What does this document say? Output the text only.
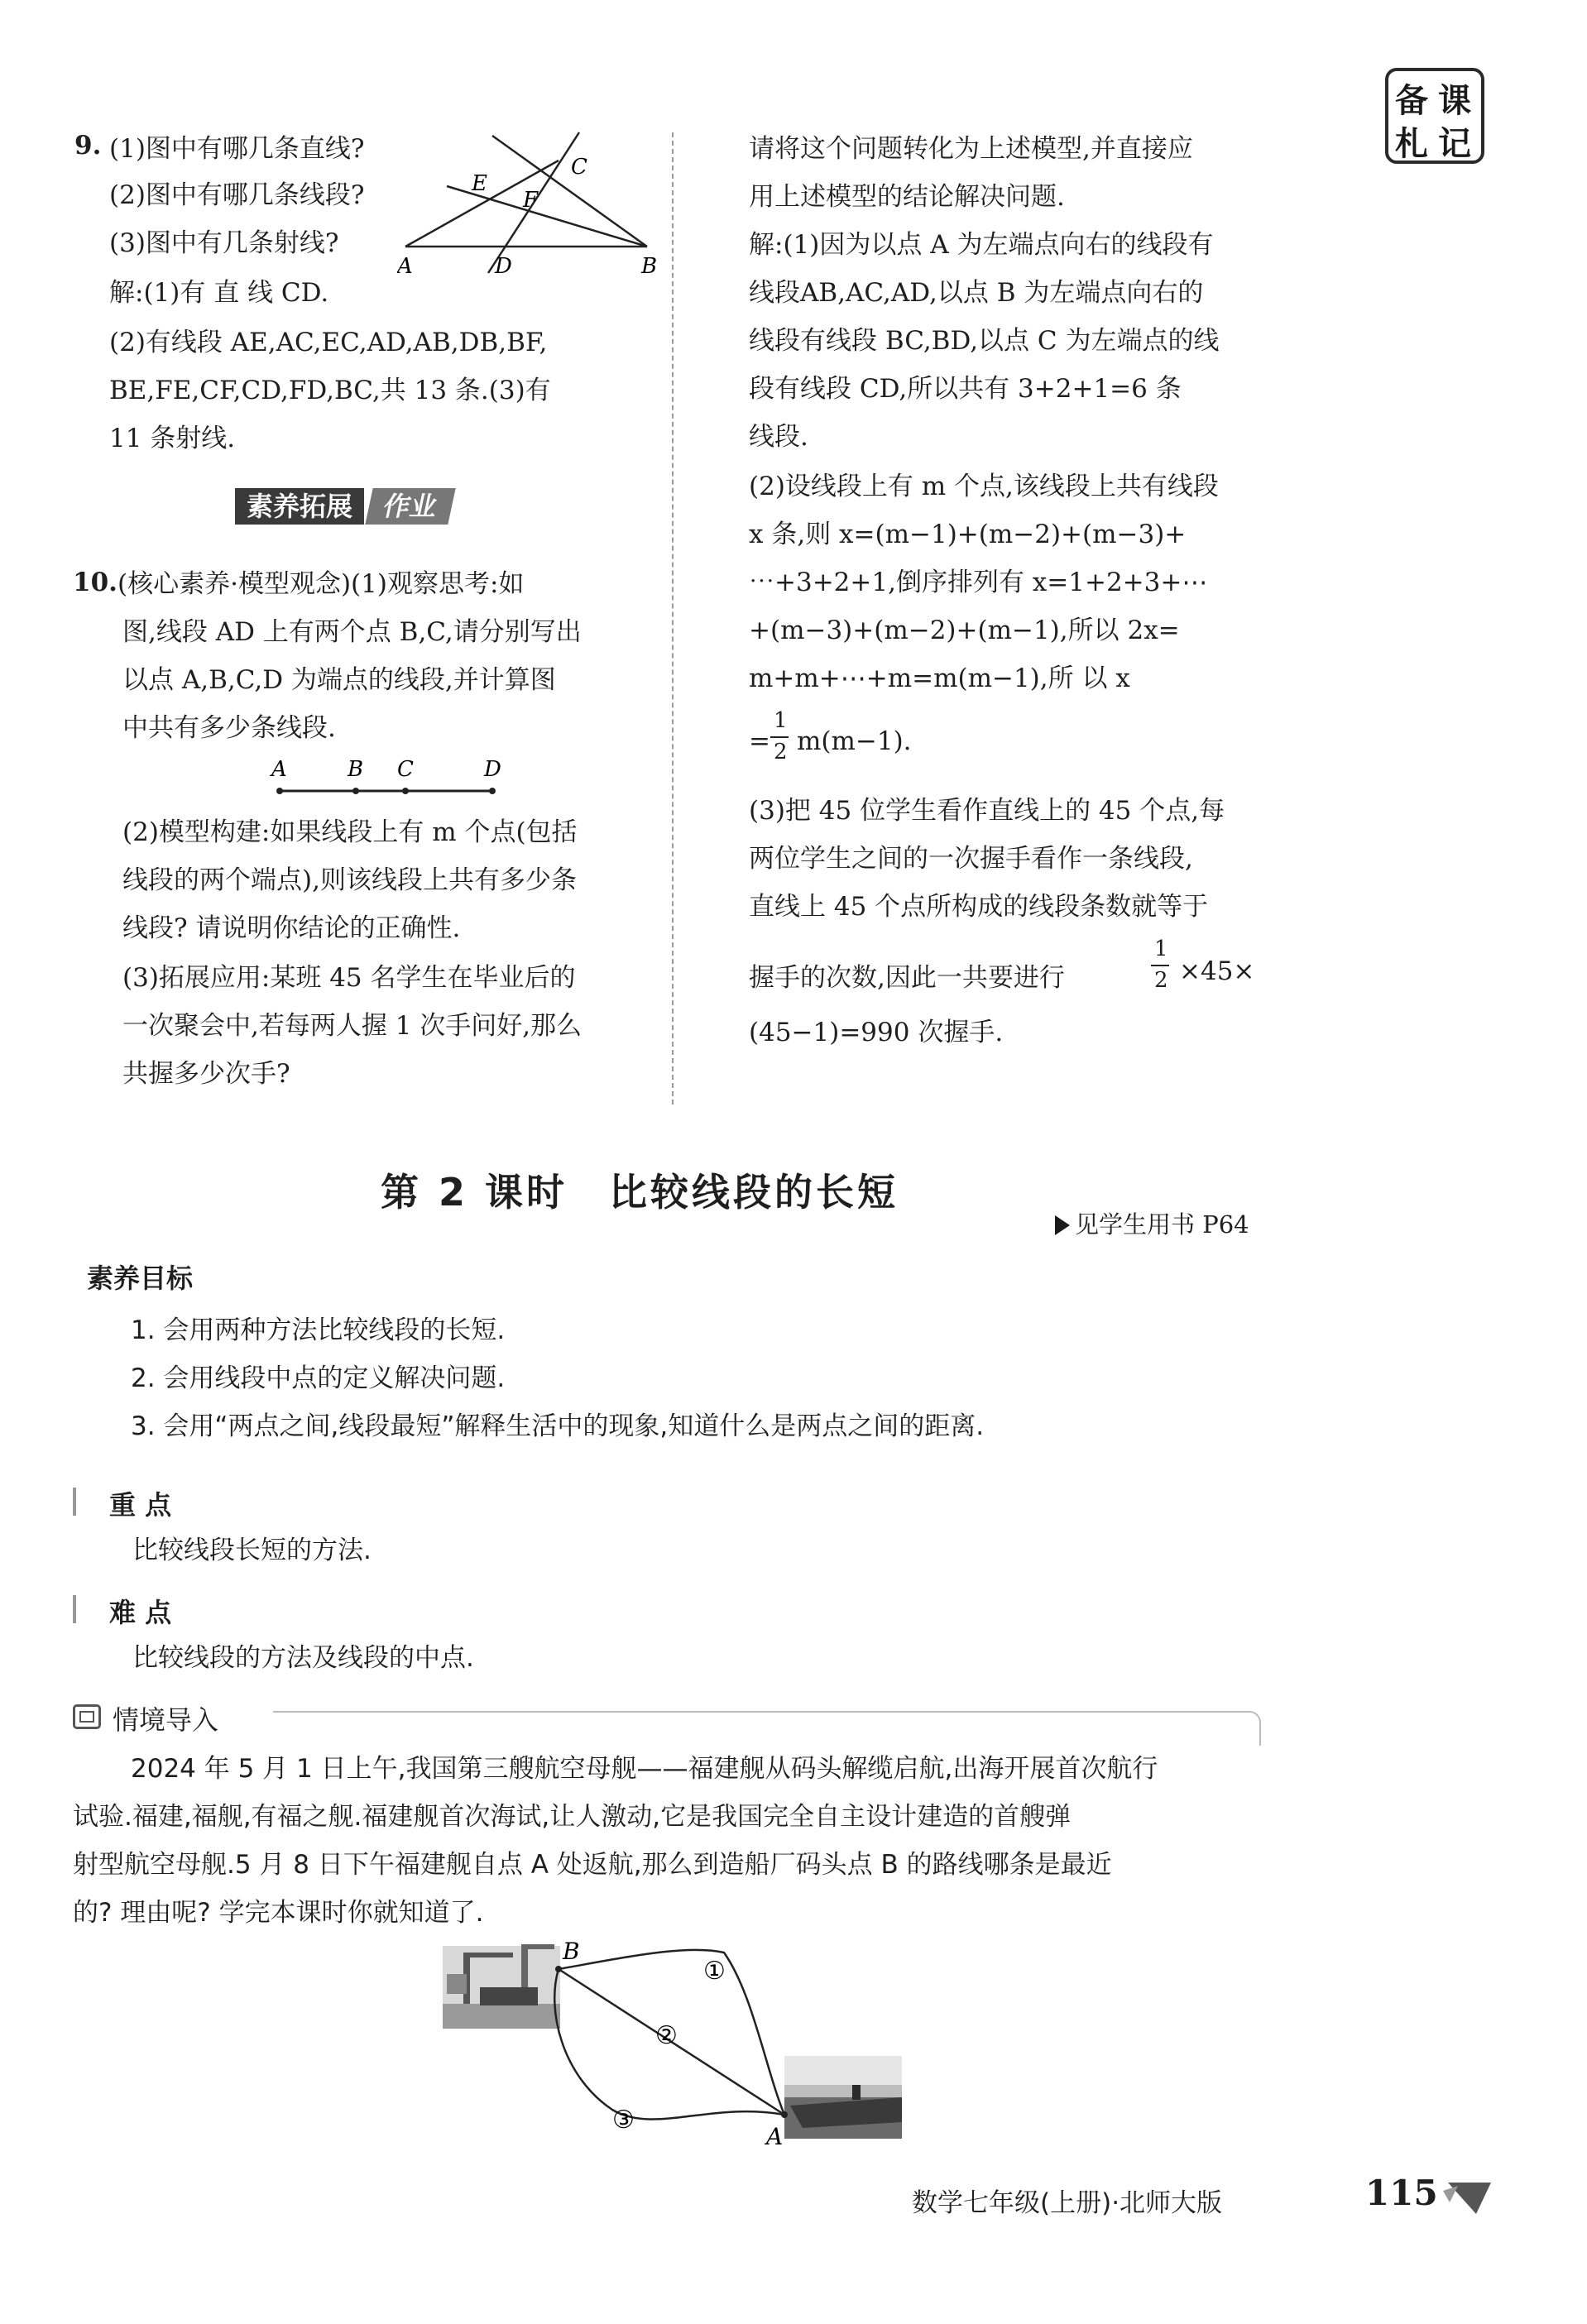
备 课
札 记
9. (1)图中有哪几条直线?
(2)图中有哪几条线段?
(3)图中有几条射线?
解:(1)有 直 线 CD.
(2)有线段 AE,AC,EC,AD,AB,DB,BF,
BE,FE,CF,CD,FD,BC,共 13 条.(3)有
11 条射线.
A	B
C
D
E
F
素养拓展	作业
10. (核心素养·模型观念)(1)观察思考:如
图,线段 AD 上有两个点 B,C,请分别写出
以点 A,B,C,D 为端点的线段,并计算图
中共有多少条线段.
A	B C	D
(2)模型构建:如果线段上有 m 个点(包括
线段的两个端点),则该线段上共有多少条
线段? 请说明你结论的正确性.
(3)拓展应用:某班 45 名学生在毕业后的
一次聚会中,若每两人握 1 次手问好,那么
共握多少次手?
请将这个问题转化为上述模型,并直接应
用上述模型的结论解决问题.
解:(1)因为以点 A 为左端点向右的线段有
线段AB,AC,AD,以点 B 为左端点向右的
线段有线段 BC,BD,以点 C 为左端点的线
段有线段 CD,所以共有 3+2+1=6 条
线段.
(2)设线段上有 m 个点,该线段上共有线段
x 条,则 x=(m−1)+(m−2)+(m−3)+
⋯+3+2+1,倒序排列有 x=1+2+3+⋯
+(m−3)+(m−2)+(m−1),所以 2x=
m+m+⋯+m=m(m−1),所 以 x
=
1
2 m(m−1).
(3)把 45 位学生看作直线上的 45 个点,每
两位学生之间的一次握手看作一条线段,
直线上 45 个点所构成的线段条数就等于
握手的次数,因此一共要进行
1
2 ×45×
(45−1)=990 次握手.
第 2 课时　比较线段的长短
见学生用书 P64
素养目标
1. 会用两种方法比较线段的长短.
2. 会用线段中点的定义解决问题.
3. 会用“两点之间,线段最短”解释生活中的现象,知道什么是两点之间的距离.
重 点
比较线段长短的方法.
难 点
比较线段的方法及线段的中点.
情境导入
2024 年 5 月 1 日上午,我国第三艘航空母舰——福建舰从码头解缆启航,出海开展首次航行
试验.福建,福舰,有福之舰.福建舰首次海试,让人激动,它是我国完全自主设计建造的首艘弹
射型航空母舰.5 月 8 日下午福建舰自点 A 处返航,那么到造船厂码头点 B 的路线哪条是最近
的? 理由呢? 学完本课时你就知道了.
B
A
①
②
③
数学七年级(上册)·北师大版	115
